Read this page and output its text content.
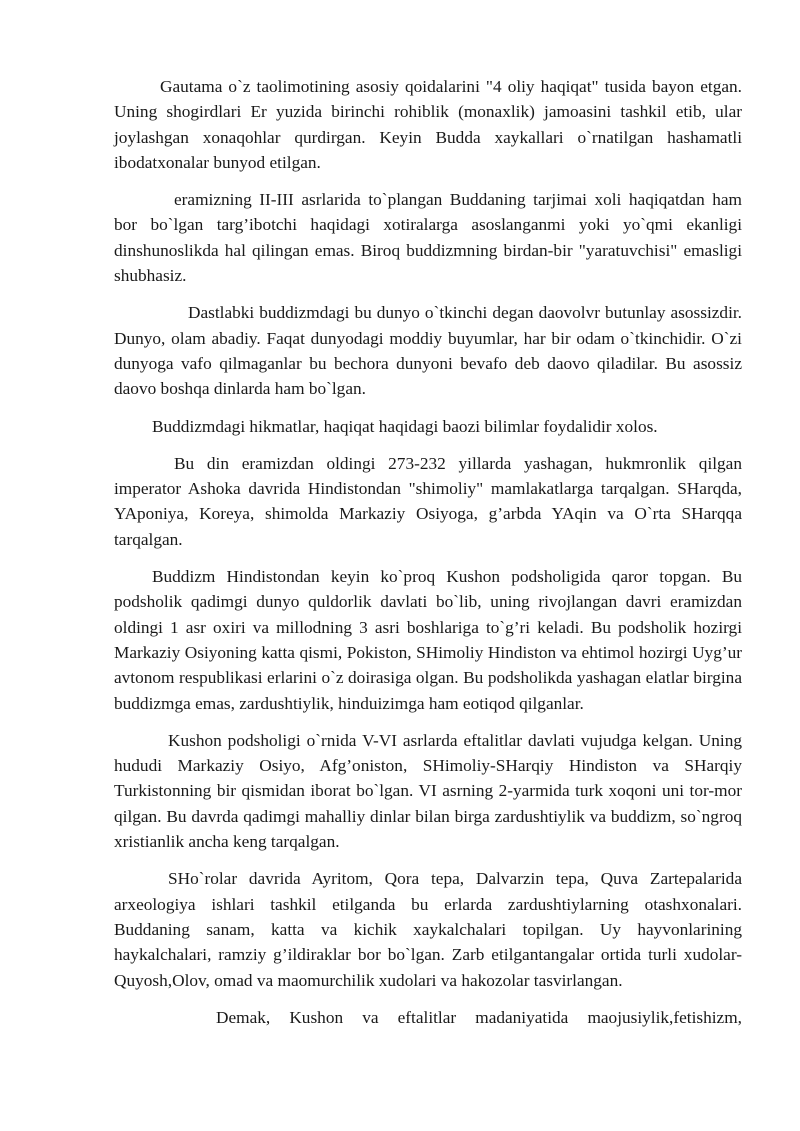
Gautama o`z taolimotining asosiy qoidalarini "4 oliy haqiqat" tusida bayon etgan. Uning shogirdlari Er yuzida birinchi rohiblik (monaxlik) jamoasini tashkil etib, ular joylashgan xonaqohlar qurdirgan. Keyin Budda xaykallari o`rnatilgan hashamatli ibodatxonalar bunyod etilgan.

eramizning II-III asrlarida to`plangan Buddaning tarjimai xoli haqiqatdan ham bor bo`lgan targ’ibotchi haqidagi xotiralarga asoslanganmi yoki yo`qmi ekanligi dinshunoslikda hal qilingan emas. Biroq buddizmning birdan-bir "yaratuvchisi" emasligi shubhasiz.

Dastlabki buddizmdagi bu dunyo o`tkinchi degan daovolvr butunlay asossizdir. Dunyo, olam abadiy. Faqat dunyodagi moddiy buyumlar, har bir odam o`tkinchidir. O`zi dunyoga vafo qilmaganlar bu bechora dunyoni bevafo deb daovo qiladilar. Bu asossiz daovo boshqa dinlarda ham bo`lgan.

Buddizmdagi hikmatlar, haqiqat haqidagi baozi bilimlar foydalidir xolos.

Bu din eramizdan oldingi 273-232 yillarda yashagan, hukmronlik qilgan imperator Ashoka davrida Hindistondan "shimoliy" mamlakatlarga tarqalgan. SHarqda, YAponiya, Koreya, shimolda Markaziy Osiyoga, g’arbda YAqin va O`rta SHarqqa tarqalgan.

Buddizm Hindistondan keyin ko`proq Kushon podsholigida qaror topgan. Bu podsholik qadimgi dunyo quldorlik davlati bo`lib, uning rivojlangan davri eramizdan oldingi 1 asr oxiri va millodning 3 asri boshlariga to`g’ri keladi. Bu podsholik hozirgi Markaziy Osiyoning katta qismi, Pokiston, SHimoliy Hindiston va ehtimol hozirgi Uyg’ur avtonom respublikasi erlarini o`z doirasiga olgan. Bu podsholikda yashagan elatlar birgina buddizmga emas, zardushtiylik, hinduizimga ham eotiqod qilganlar.

Kushon podsholigi o`rnida V-VI asrlarda eftalitlar davlati vujudga kelgan. Uning hududi Markaziy Osiyo, Afg’oniston, SHimoliy-SHarqiy Hindiston va SHarqiy Turkistonning bir qismidan iborat bo`lgan. VI asrning 2-yarmida turk xoqoni uni tor-mor qilgan. Bu davrda qadimgi mahalliy dinlar bilan birga zardushtiylik va buddizm, so`ngroq xristianlik ancha keng tarqalgan.

SHo`rolar davrida Ayritom, Qora tepa, Dalvarzin tepa, Quva Zartepalarida arxeologiya ishlari tashkil etilganda bu erlarda zardushtiylarning otashxonalari. Buddaning sanam, katta va kichik xaykalchalari topilgan. Uy hayvonlarining haykalchalari, ramziy g’ildiraklar bor bo`lgan. Zarb etilgantangalar ortida turli xudolar-Quyosh,Olov, omad va maomurchilik xudolari va hakozolar tasvirlangan.

Demak, Kushon va eftalitlar madaniyatida maojusiylik,fetishizm,
